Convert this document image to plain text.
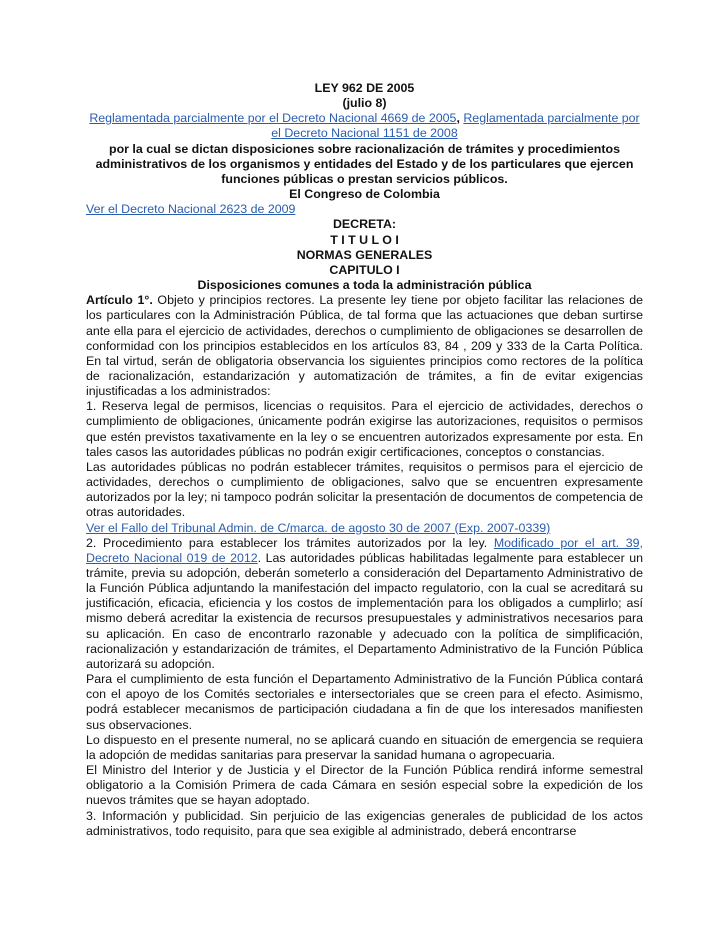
LEY 962 DE 2005

(julio 8)

Reglamentada parcialmente por el Decreto Nacional 4669 de 2005, Reglamentada parcialmente por el Decreto Nacional 1151 de 2008

por la cual se dictan disposiciones sobre racionalización de trámites y procedimientos administrativos de los organismos y entidades del Estado y de los particulares que ejercen funciones públicas o prestan servicios públicos.

El Congreso de Colombia

Ver el Decreto Nacional 2623 de 2009

DECRETA:

T I T U L O I

NORMAS GENERALES

CAPITULO I

Disposiciones comunes a toda la administración pública

Artículo 1°. Objeto y principios rectores. La presente ley tiene por objeto facilitar las relaciones de los particulares con la Administración Pública, de tal forma que las actuaciones que deban surtirse ante ella para el ejercicio de actividades, derechos o cumplimiento de obligaciones se desarrollen de conformidad con los principios establecidos en los artículos 83, 84 , 209 y 333 de la Carta Política. En tal virtud, serán de obligatoria observancia los siguientes principios como rectores de la política de racionalización, estandarización y automatización de trámites, a fin de evitar exigencias injustificadas a los administrados:

1. Reserva legal de permisos, licencias o requisitos. Para el ejercicio de actividades, derechos o cumplimiento de obligaciones, únicamente podrán exigirse las autorizaciones, requisitos o permisos que estén previstos taxativamente en la ley o se encuentren autorizados expresamente por esta. En tales casos las autoridades públicas no podrán exigir certificaciones, conceptos o constancias.

Las autoridades públicas no podrán establecer trámites, requisitos o permisos para el ejercicio de actividades, derechos o cumplimiento de obligaciones, salvo que se encuentren expresamente autorizados por la ley; ni tampoco podrán solicitar la presentación de documentos de competencia de otras autoridades.

Ver el Fallo del Tribunal Admin. de C/marca. de agosto 30 de 2007 (Exp. 2007-0339)

2. Procedimiento para establecer los trámites autorizados por la ley. Modificado por el art. 39, Decreto Nacional 019 de 2012. Las autoridades públicas habilitadas legalmente para establecer un trámite, previa su adopción, deberán someterlo a consideración del Departamento Administrativo de la Función Pública adjuntando la manifestación del impacto regulatorio, con la cual se acreditará su justificación, eficacia, eficiencia y los costos de implementación para los obligados a cumplirlo; así mismo deberá acreditar la existencia de recursos presupuestales y administrativos necesarios para su aplicación. En caso de encontrarlo razonable y adecuado con la política de simplificación, racionalización y estandarización de trámites, el Departamento Administrativo de la Función Pública autorizará su adopción.

Para el cumplimiento de esta función el Departamento Administrativo de la Función Pública contará con el apoyo de los Comités sectoriales e intersectoriales que se creen para el efecto. Asimismo, podrá establecer mecanismos de participación ciudadana a fin de que los interesados manifiesten sus observaciones.

Lo dispuesto en el presente numeral, no se aplicará cuando en situación de emergencia se requiera la adopción de medidas sanitarias para preservar la sanidad humana o agropecuaria.

El Ministro del Interior y de Justicia y el Director de la Función Pública rendirá informe semestral obligatorio a la Comisión Primera de cada Cámara en sesión especial sobre la expedición de los nuevos trámites que se hayan adoptado.

3. Información y publicidad. Sin perjuicio de las exigencias generales de publicidad de los actos administrativos, todo requisito, para que sea exigible al administrado, deberá encontrarse
